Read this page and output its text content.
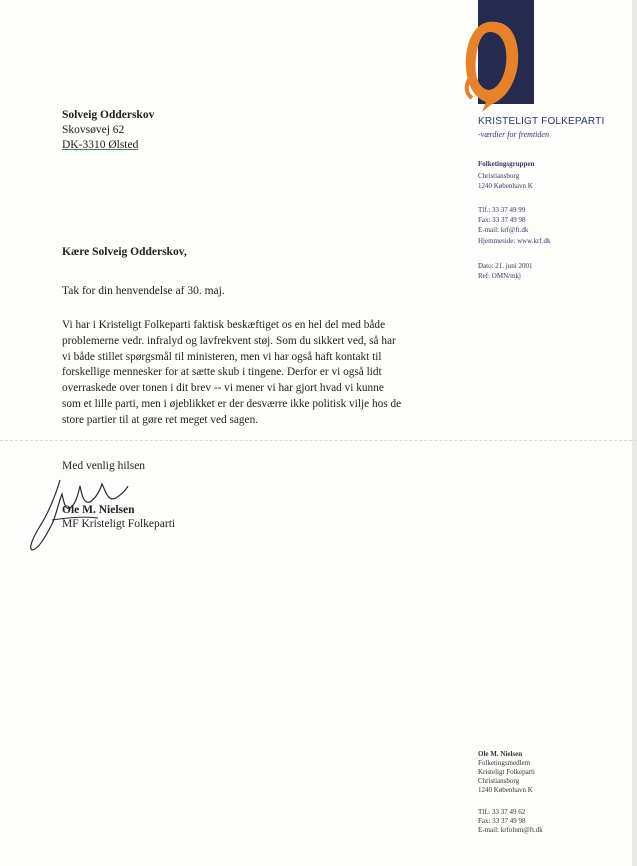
KRISTELIGT FOLKEPARTI
-værdier for fremtiden
Folketingsgruppen
Christiansborg
1240 København K
Tlf.: 33 37 49 99
Fax: 33 37 49 98
E-mail: krf@ft.dk
Hjemmeside: www.krf.dk
Dato: 21. juni 2001
Ref: OMN/mkj
Solveig Odderskov
Skovsøvej 62
DK-3310 Ølsted
Kære Solveig Odderskov,
Tak for din henvendelse af 30. maj.
Vi har i Kristeligt Folkeparti faktisk beskæftiget os en hel del med både
problemerne vedr. infralyd og lavfrekvent støj. Som du sikkert ved, så har
vi både stillet spørgsmål til ministeren, men vi har også haft kontakt til
forskellige mennesker for at sætte skub i tingene. Derfor er vi også lidt
overraskede over tonen i dit brev -- vi mener vi har gjort hvad vi kunne
som et lille parti, men i øjeblikket er der desværre ikke politisk vilje hos de
store partier til at gøre ret meget ved sagen.
Med venlig hilsen
Ole M. Nielsen
MF Kristeligt Folkeparti
Ole M. Nielsen
Folketingsmedlem
Kristeligt Folkeparti
Christiansborg
1240 København K
Tlf.: 33 37 49 62
Fax: 33 37 49 98
E-mail: krfolnm@ft.dk
